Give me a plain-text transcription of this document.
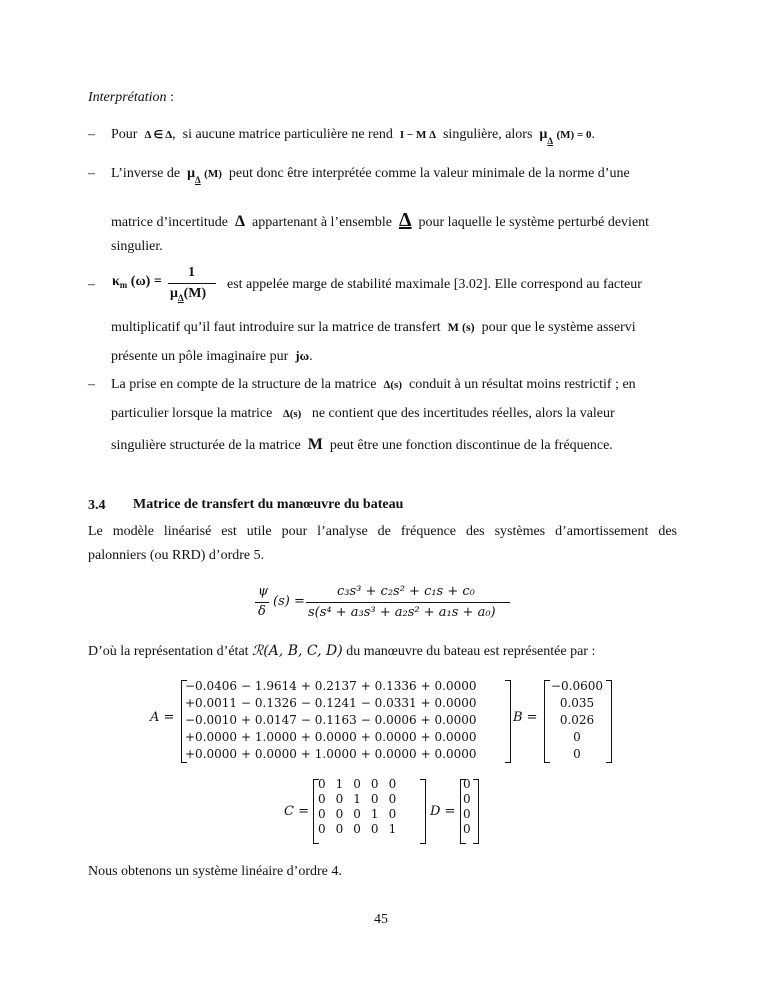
Interprétation :
– Pour Δ ∈ Δ, si aucune matrice particulière ne rend I − M Δ singulière, alors $\mu_\Delta$ (M) = 0.
– L’inverse de $\mu_\Delta$ (M) peut donc être interprétée comme la valeur minimale de la norme d’une
matrice d’incertitude Δ appartenant à l’ensemble Δ pour laquelle le système perturbé devient
singulier.
– $\kappa_m$ (ω) =
1
$\mu_\Delta(M)$
est appelée marge de stabilité maximale [3.02]. Elle correspond au facteur
multiplicatif qu’il faut introduire sur la matrice de transfert M (s) pour que le système asservi
présente un pôle imaginaire pur jω.
– La prise en compte de la structure de la matrice Δ(s) conduit à un résultat moins restrictif ; en
particulier lorsque la matrice Δ(s) ne contient que des incertitudes réelles, alors la valeur
singulière structurée de la matrice M peut être une fonction discontinue de la fréquence.
3.4 Matrice de transfert du manœuvre du bateau
Le modèle linéarisé est utile pour l’analyse de fréquence des systèmes d’amortissement des
palonniers (ou RRD) d’ordre 5.
ψ
δ
(s) =
c₃s³ + c₂s² + c₁s + c₀
s(s⁴ + a₃s³ + a₂s² + a₁s + a₀)
D’où la représentation d’état ℛ(A, B, C, D) du manœuvre du bateau est représentée par :
A =
−0.0406	− 1.9614	+ 0.2137	+ 0.1336	+ 0.0000
+0.0011	− 0.1326	− 0.1241	− 0.0331	+ 0.0000
−0.0010	+ 0.0147	− 0.1163	− 0.0006	+ 0.0000
+0.0000	+ 1.0000	+ 0.0000	+ 0.0000	+ 0.0000
+0.0000	+ 0.0000	+ 1.0000	+ 0.0000	+ 0.0000
B =
−0.0600
0.035
0.026
0
0
C =
0	1	0	0	0
0	0	1	0	0
0	0	0	1	0
0	0	0	0	1
D =
0
0
0
0
Nous obtenons un système linéaire d’ordre 4.
45
